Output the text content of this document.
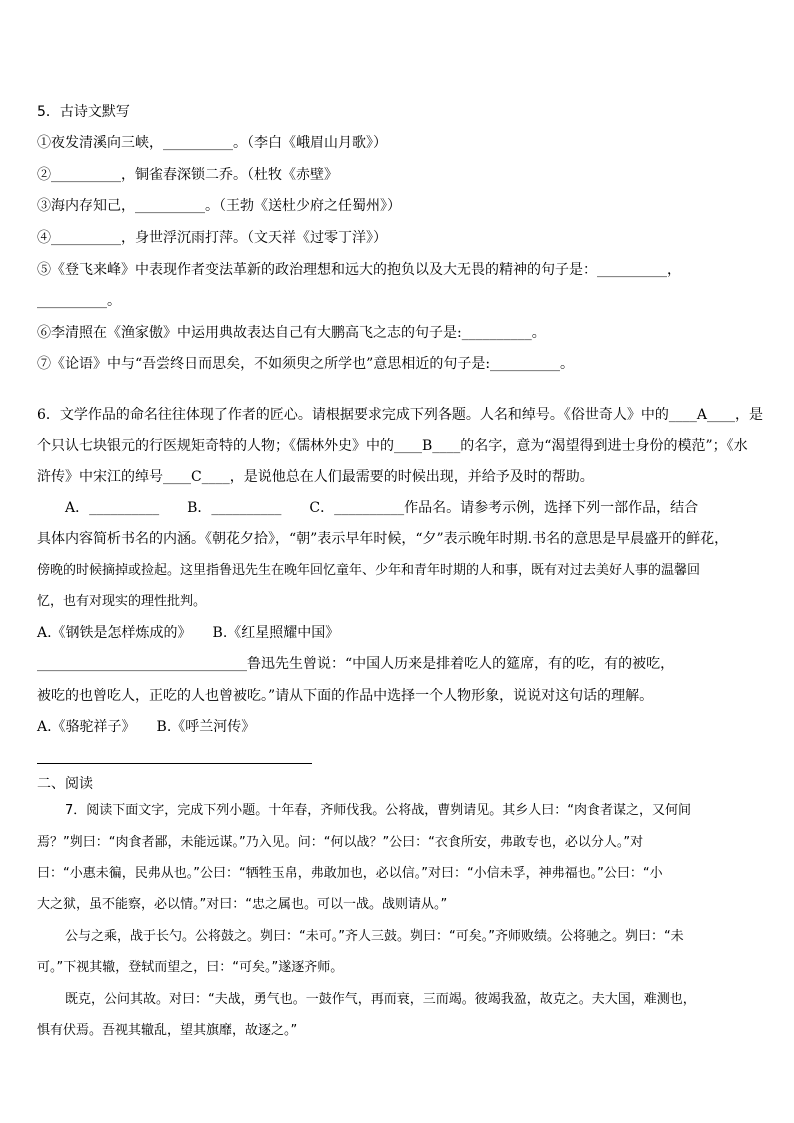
5．古诗文默写
①夜发清溪向三峡，__________。（李白《峨眉山月歌》）
②__________，铜雀春深锁二乔。（杜牧《赤壁》
③海内存知己，__________。（王勃《送杜少府之任蜀州》）
④__________，身世浮沉雨打萍。（文天祥《过零丁洋》）
⑤《登飞来峰》中表现作者变法革新的政治理想和远大的抱负以及大无畏的精神的句子是：__________，
__________。
⑥李清照在《渔家傲》中运用典故表达自己有大鹏高飞之志的句子是:__________。
⑦《论语》中与“吾尝终日而思矣，不如须臾之所学也”意思相近的句子是:__________。
6．文学作品的命名往往体现了作者的匠心。请根据要求完成下列各题。人名和绰号。《俗世奇人》中的____A____，是
个只认七块银元的行医规矩奇特的人物；《儒林外史》中的____B____的名字，意为“渴望得到进士身份的模范”；《水
浒传》中宋江的绰号____C____，是说他总在人们最需要的时候出现，并给予及时的帮助。
A．__________　　B．__________　　C．__________作品名。请参考示例，选择下列一部作品，结合
具体内容简析书名的内涵。《朝花夕拾》，“朝”表示早年时候，“夕”表示晚年时期.书名的意思是早晨盛开的鲜花，
傍晚的时候摘掉或捡起。这里指鲁迅先生在晚年回忆童年、少年和青年时期的人和事，既有对过去美好人事的温馨回
忆，也有对现实的理性批判。
A.《钢铁是怎样炼成的》　　B.《红星照耀中国》
______________________________鲁迅先生曾说：“中国人历来是排着吃人的筵席，有的吃，有的被吃，
被吃的也曾吃人，正吃的人也曾被吃。”请从下面的作品中选择一个人物形象，说说对这句话的理解。
A.《骆驼祥子》　　B.《呼兰河传》
二、阅读
7．阅读下面文字，完成下列小题。十年春，齐师伐我。公将战，曹刿请见。其乡人曰：“肉食者谋之，又何间
焉？”刿曰：“肉食者鄙，未能远谋。”乃入见。问：“何以战？”公曰：“衣食所安，弗敢专也，必以分人。”对
曰：“小惠未徧，民弗从也。”公曰：“牺牲玉帛，弗敢加也，必以信。”对曰：“小信未孚，神弗福也。”公曰：“小
大之狱，虽不能察，必以情。”对曰：“忠之属也。可以一战。战则请从。”
公与之乘，战于长勺。公将鼓之。刿曰：“未可。”齐人三鼓。刿曰：“可矣。”齐师败绩。公将驰之。刿曰：“未
可。”下视其辙，登轼而望之，曰：“可矣。”遂逐齐师。
既克，公问其故。对曰：“夫战，勇气也。一鼓作气，再而衰，三而竭。彼竭我盈，故克之。夫大国，难测也，
惧有伏焉。吾视其辙乱，望其旗靡，故逐之。”
